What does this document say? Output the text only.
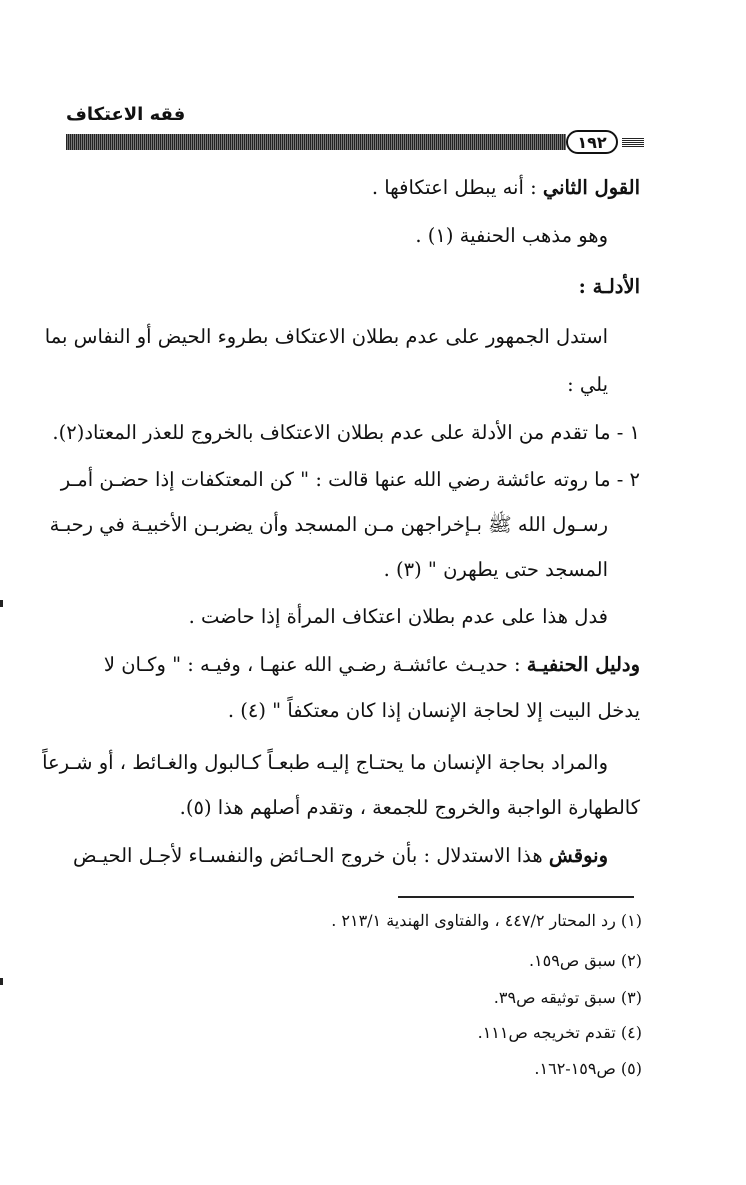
فقه الاعتكاف
١٩٢
القول الثاني : أنه يبطل اعتكافها .
وهو مذهب الحنفية (١) .
الأدلـة :
استدل الجمهور على عدم بطلان الاعتكاف بطروء الحيض أو النفاس بما
يلي :
١ - ما تقدم من الأدلة على عدم بطلان الاعتكاف بالخروج للعذر المعتاد(٢).
٢ - ما روته عائشة رضي الله عنها قالت : " كن المعتكفات إذا حضـن أمـر
رسـول الله ﷺ بـإخراجهن مـن المسجد وأن يضربـن الأخبيـة في رحبـة
المسجد حتى يطهرن " (٣) .
فدل هذا على عدم بطلان اعتكاف المرأة إذا حاضت .
ودليل الحنفيـة : حديـث عائشـة رضـي الله عنهـا ، وفيـه : " وكـان لا
يدخل البيت إلا لحاجة الإنسان إذا كان معتكفاً " (٤) .
والمراد بحاجة الإنسان ما يحتـاج إليـه طبعـاً كـالبول والغـائط ، أو شـرعاً
كالطهارة الواجبة والخروج للجمعة ، وتقدم أصلهم هذا (٥).
ونوقش هذا الاستدلال : بأن خروج الحـائض والنفسـاء لأجـل الحيـض
(١) رد المحتار ٤٤٧/٢ ، والفتاوى الهندية ٢١٣/١ .
(٢) سبق ص١٥٩.
(٣) سبق توثيقه ص٣٩.
(٤) تقدم تخريجه ص١١١.
(٥) ص١٥٩-١٦٢.
